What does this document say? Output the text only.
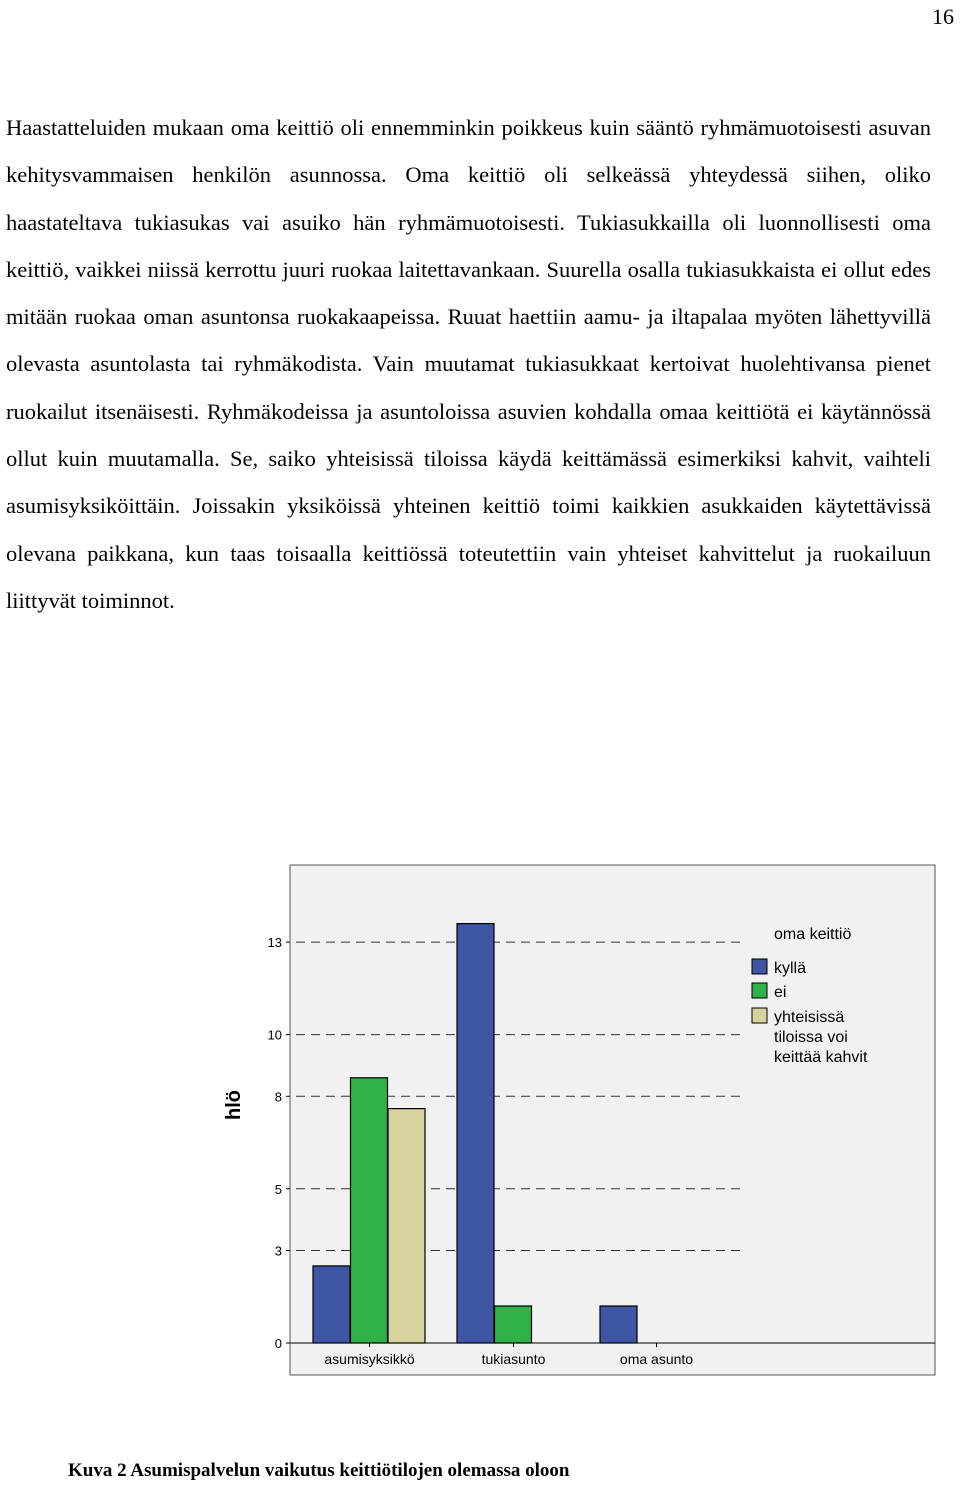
16

Haastatteluiden mukaan oma keittiö oli ennemminkin poikkeus kuin sääntö ryhmämuotoisesti asuvan kehitysvammaisen henkilön asunnossa. Oma keittiö oli selkeässä yhteydessä siihen, oliko haastateltava tukiasukas vai asuiko hän ryhmämuotoisesti. Tukiasukkailla oli luonnollisesti oma keittiö, vaikkei niissä kerrottu juuri ruokaa laitettavankaan. Suurella osalla tukiasukkaista ei ollut edes mitään ruokaa oman asuntonsa ruokakaapeissa. Ruuat haettiin aamu- ja iltapalaa myöten lähettyvillä olevasta asuntolasta tai ryhmäkodista. Vain muutamat tukiasukkaat kertoivat huolehtivansa pienet ruokailut itsenäisesti. Ryhmäkodeissa ja asuntoloissa asuvien kohdalla omaa keittiötä ei käytännössä ollut kuin muutamalla. Se, saiko yhteisissä tiloissa käydä keittämässä esimerkiksi kahvit, vaihteli asumisyksiköittäin. Joissakin yksiköissä yhteinen keittiö toimi kaikkien asukkaiden käytettävissä olevana paikkana, kun taas toisaalla keittiössä toteutettiin vain yhteiset kahvittelut ja ruokailuun liittyvät toiminnot.

0
3
5
8
10
13
hlö
asumisyksikkö	tukiasunto	oma asunto
oma keittiö
kyllä
ei
yhteisissä tiloissa voi keittää kahvit

Kuva 2 Asumispalvelun vaikutus keittiötilojen olemassa oloon
